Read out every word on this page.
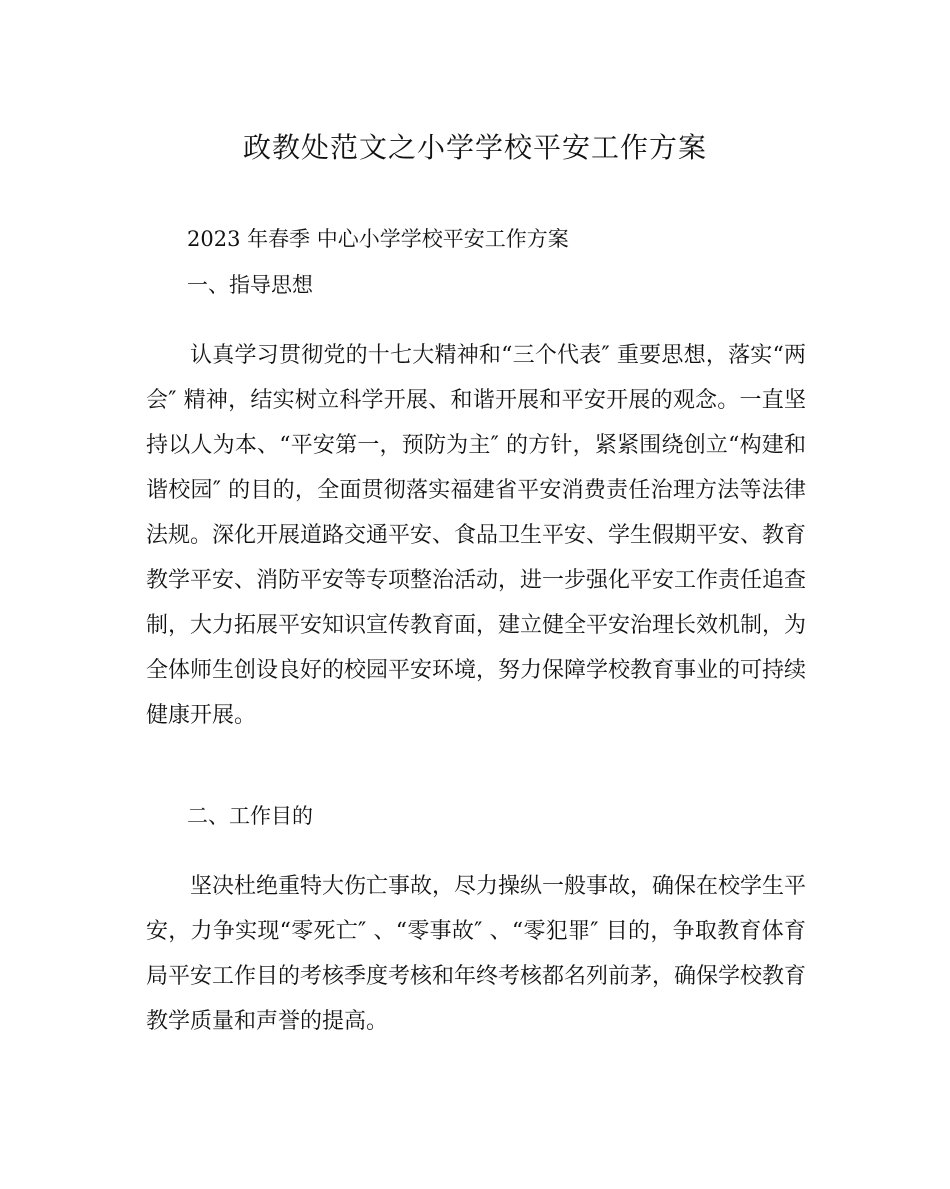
政教处范文之小学学校平安工作方案

2023 年春季 中心小学学校平安工作方案

一、指导思想

认真学习贯彻党的十七大精神和“三个代表″ 重要思想，落实“两会″ 精神，结实树立科学开展、和谐开展和平安开展的观念。一直坚持以人为本、“平安第一，预防为主″ 的方针，紧紧围绕创立“构建和谐校园″ 的目的，全面贯彻落实福建省平安消费责任治理方法等法律法规。深化开展道路交通平安、食品卫生平安、学生假期平安、教育教学平安、消防平安等专项整治活动，进一步强化平安工作责任追查制，大力拓展平安知识宣传教育面，建立健全平安治理长效机制，为全体师生创设良好的校园平安环境，努力保障学校教育事业的可持续健康开展。

二、工作目的

坚决杜绝重特大伤亡事故，尽力操纵一般事故，确保在校学生平安，力争实现“零死亡″ 、“零事故″ 、“零犯罪″ 目的，争取教育体育局平安工作目的考核季度考核和年终考核都名列前茅，确保学校教育教学质量和声誉的提高。
